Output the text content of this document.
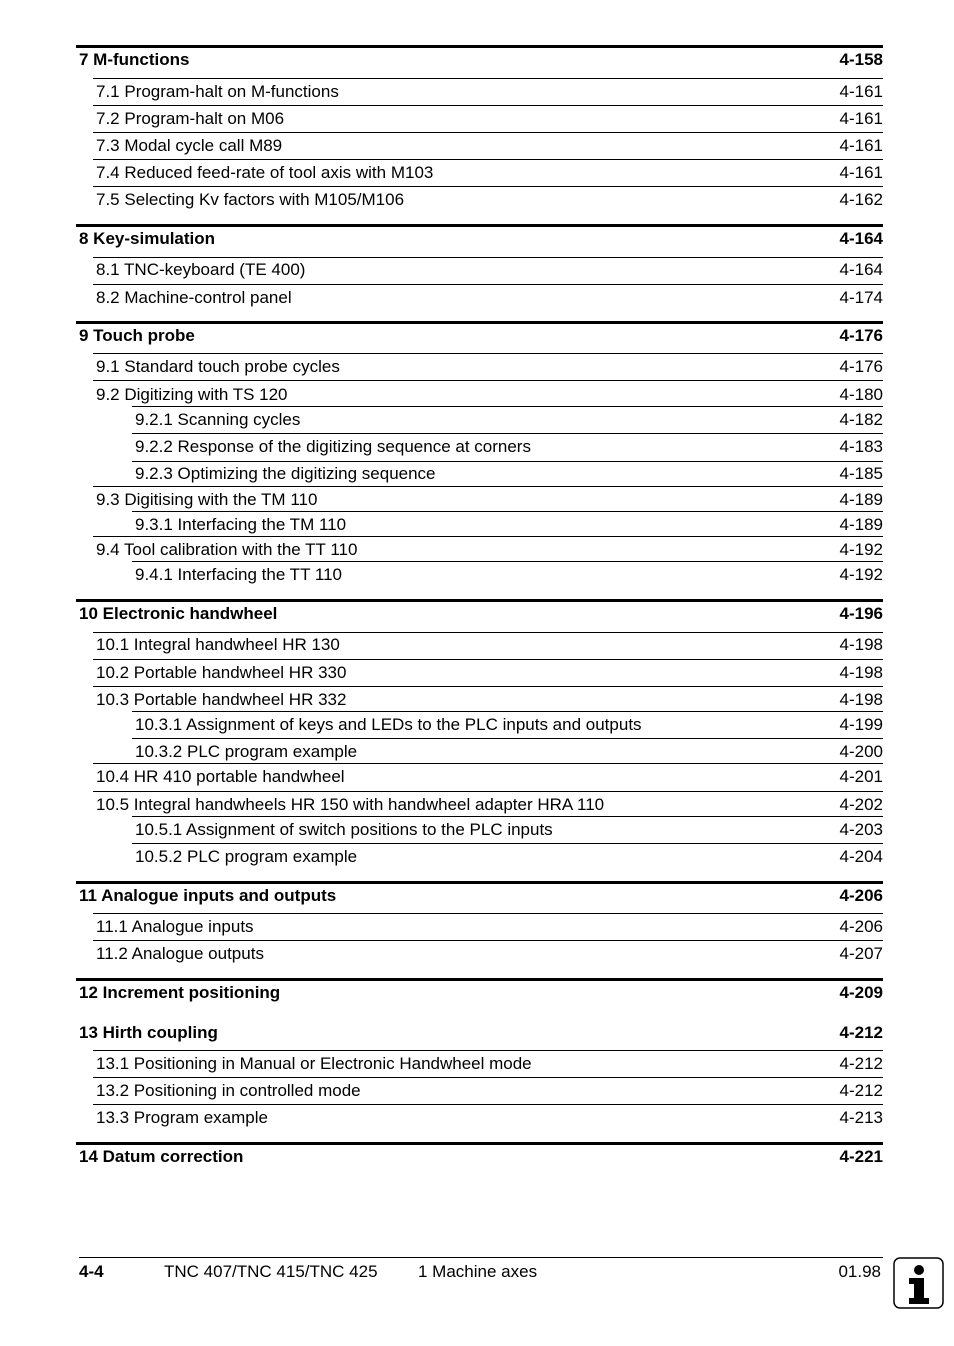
7 M-functions	4-158
7.1 Program-halt on M-functions	4-161
7.2 Program-halt on M06	4-161
7.3 Modal cycle call M89	4-161
7.4 Reduced feed-rate of tool axis with M103	4-161
7.5 Selecting Kv factors with M105/M106	4-162
8 Key-simulation	4-164
8.1 TNC-keyboard (TE 400)	4-164
8.2 Machine-control panel	4-174
9 Touch probe	4-176
9.1 Standard touch probe cycles	4-176
9.2 Digitizing with TS 120	4-180
9.2.1 Scanning cycles	4-182
9.2.2 Response of the digitizing sequence at corners	4-183
9.2.3 Optimizing the digitizing sequence	4-185
9.3 Digitising with the TM 110	4-189
9.3.1 Interfacing the TM 110	4-189
9.4 Tool calibration with the TT 110	4-192
9.4.1 Interfacing the TT 110	4-192
10 Electronic handwheel	4-196
10.1 Integral handwheel HR 130	4-198
10.2 Portable handwheel HR 330	4-198
10.3 Portable handwheel HR 332	4-198
10.3.1 Assignment of keys and LEDs to the PLC inputs and outputs	4-199
10.3.2 PLC program example	4-200
10.4 HR 410 portable handwheel	4-201
10.5 Integral handwheels HR 150 with handwheel adapter HRA 110	4-202
10.5.1 Assignment of switch positions to the PLC inputs	4-203
10.5.2 PLC program example	4-204
11 Analogue inputs and outputs	4-206
11.1 Analogue inputs	4-206
11.2 Analogue outputs	4-207
12 Increment positioning	4-209
13 Hirth coupling	4-212
13.1 Positioning in Manual or Electronic Handwheel mode	4-212
13.2 Positioning in controlled mode	4-212
13.3 Program example	4-213
14 Datum correction	4-221
4-4	TNC 407/TNC 415/TNC 425 1 Machine axes	01.98
